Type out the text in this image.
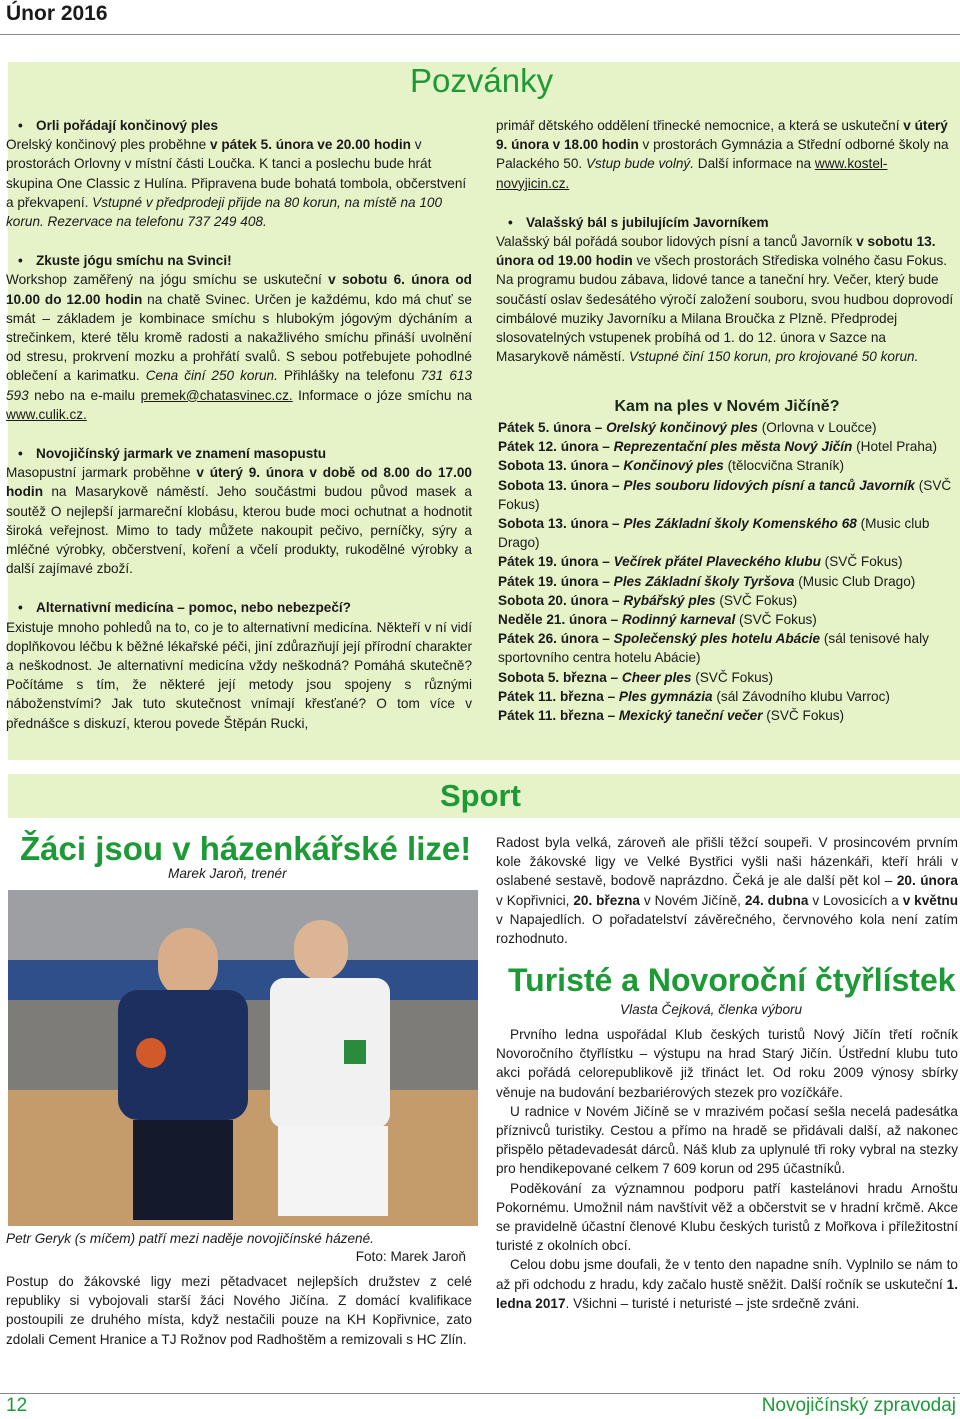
Únor 2016
Pozvánky
• Orli pořádají končinový ples

Orelský končinový ples proběhne v pátek 5. února ve 20.00 hodin v prostorách Orlovny v místní části Loučka. K tanci a poslechu bude hrát skupina One Classic z Hulína. Připravena bude bohatá tombola, občerstvení a překvapení. Vstupné v předprodeji přijde na 80 korun, na místě na 100 korun. Rezervace na telefonu 737 249 408.

• Zkuste jógu smíchu na Svinci!

Workshop zaměřený na jógu smíchu se uskuteční v sobotu 6. února od 10.00 do 12.00 hodin na chatě Svinec. Určen je každému, kdo má chuť se smát – základem je kombinace smíchu s hlubokým jógovým dýcháním a strečinkem, které tělu kromě radosti a nakažlivého smíchu přináší uvolnění od stresu, prokrvení mozku a prohřátí svalů. S sebou potřebujete pohodlné oblečení a karimatku. Cena činí 250 korun. Přihlášky na telefonu 731 613 593 nebo na e-mailu premek@chatasvinec.cz. Informace o józe smíchu na www.culik.cz.

• Novojičínský jarmark ve znamení masopustu

Masopustní jarmark proběhne v úterý 9. února v době od 8.00 do 17.00 hodin na Masarykově náměstí. Jeho součástmi budou původ masek a soutěž O nejlepší jarmareční klobásu, kterou bude moci ochutnat a hodnotit široká veřejnost. Mimo to tady můžete nakoupit pečivo, perníčky, sýry a mléčné výrobky, občerstvení, koření a včelí produkty, rukodělné výrobky a další zajímavé zboží.

• Alternativní medicína – pomoc, nebo nebezpečí?

Existuje mnoho pohledů na to, co je to alternativní medicína. Někteří v ní vidí doplňkovou léčbu k běžné lékařské péči, jiní zdůrazňují její přírodní charakter a neškodnost. Je alternativní medicína vždy neškodná? Pomáhá skutečně? Počítáme s tím, že některé její metody jsou spojeny s různými náboženstvími? Jak tuto skutečnost vnímají křesťané? O tom více v přednášce s diskuzí, kterou povede Štěpán Rucki,

primář dětského oddělení třinecké nemocnice, a která se uskuteční v úterý 9. února v 18.00 hodin v prostorách Gymnázia a Střední odborné školy na Palackého 50. Vstup bude volný. Další informace na www.kostel-novyjicin.cz.

• Valašský bál s jubilujícím Javorníkem

Valašský bál pořádá soubor lidových písní a tanců Javorník v sobotu 13. února od 19.00 hodin ve všech prostorách Střediska volného času Fokus. Na programu budou zábava, lidové tance a taneční hry. Večer, který bude součástí oslav šedesátého výročí založení souboru, svou hudbou doprovodí cimbálové muziky Javorníku a Milana Broučka z Plzně. Předprodej slosovatelných vstupenek probíhá od 1. do 12. února v Sazce na Masarykově náměstí. Vstupné činí 150 korun, pro krojované 50 korun.

Kam na ples v Novém Jičíně?
Pátek 5. února – Orelský končinový ples (Orlovna v Loučce)
Pátek 12. února – Reprezentační ples města Nový Jičín (Hotel Praha)
Sobota 13. února – Končinový ples (tělocvična Straník)
Sobota 13. února – Ples souboru lidových písní a tanců Javorník (SVČ Fokus)
Sobota 13. února – Ples Základní školy Komenského 68 (Music club Drago)
Pátek 19. února – Večírek přátel Plaveckého klubu (SVČ Fokus)
Pátek 19. února – Ples Základní školy Tyršova (Music Club Drago)
Sobota 20. února – Rybářský ples (SVČ Fokus)
Neděle 21. února – Rodinný karneval (SVČ Fokus)
Pátek 26. února – Společenský ples hotelu Abácie (sál tenisové haly sportovního centra hotelu Abácie)
Sobota 5. března – Cheer ples (SVČ Fokus)
Pátek 11. března – Ples gymnázia (sál Závodního klubu Varroc)
Pátek 11. března – Mexický taneční večer (SVČ Fokus)
Sport
Žáci jsou v házenkářské lize!
Marek Jaroň, trenér
Petr Geryk (s míčem) patří mezi naděje novojičínské házené.
Foto: Marek Jaroň
Postup do žákovské ligy mezi pětadvacet nejlepších družstev z celé republiky si vybojovali starší žáci Nového Jičína. Z domácí kvalifikace postoupili ze druhého místa, když nestačili pouze na KH Kopřivnice, zato zdolali Cement Hranice a TJ Rožnov pod Radhoštěm a remizovali s HC Zlín.
Radost byla velká, zároveň ale přišli těžcí soupeři. V prosincovém prvním kole žákovské ligy ve Velké Bystřici vyšli naši házenkáři, kteří hráli v oslabené sestavě, bodově naprázdno. Čeká je ale další pět kol – 20. února v Kopřivnici, 20. března v Novém Jičíně, 24. dubna v Lovosicích a v květnu v Napajedlích. O pořadatelství závěrečného, červnového kola není zatím rozhodnuto.
Turisté a Novoroční čtyřlístek
Vlasta Čejková, členka výboru

Prvního ledna uspořádal Klub českých turistů Nový Jičín třetí ročník Novoročního čtyřlístku – výstupu na hrad Starý Jičín. Ústřední klubu tuto akci pořádá celorepublikově již třináct let. Od roku 2009 výnosy sbírky věnuje na budování bezbariérových stezek pro vozíčkáře.

U radnice v Novém Jičíně se v mrazivém počasí sešla necelá padesátka příznivců turistiky. Cestou a přímo na hradě se přidávali další, až nakonec přispělo pětadevadesát dárců. Náš klub za uplynulé tři roky vybral na stezky pro hendikepované celkem 7 609 korun od 295 účastníků.

Poděkování za významnou podporu patří kastelánovi hradu Arnoštu Pokornému. Umožnil nám navštívit věž a občerstvit se v hradní krčmě. Akce se pravidelně účastní členové Klubu českých turistů z Mořkova i příležitostní turisté z okolních obcí.

Celou dobu jsme doufali, že v tento den napadne sníh. Vyplnilo se nám to až při odchodu z hradu, kdy začalo hustě sněžit. Další ročník se uskuteční 1. ledna 2017. Všichni – turisté i neturisté – jste srdečně zváni.

12	Novojičínský zpravodaj
